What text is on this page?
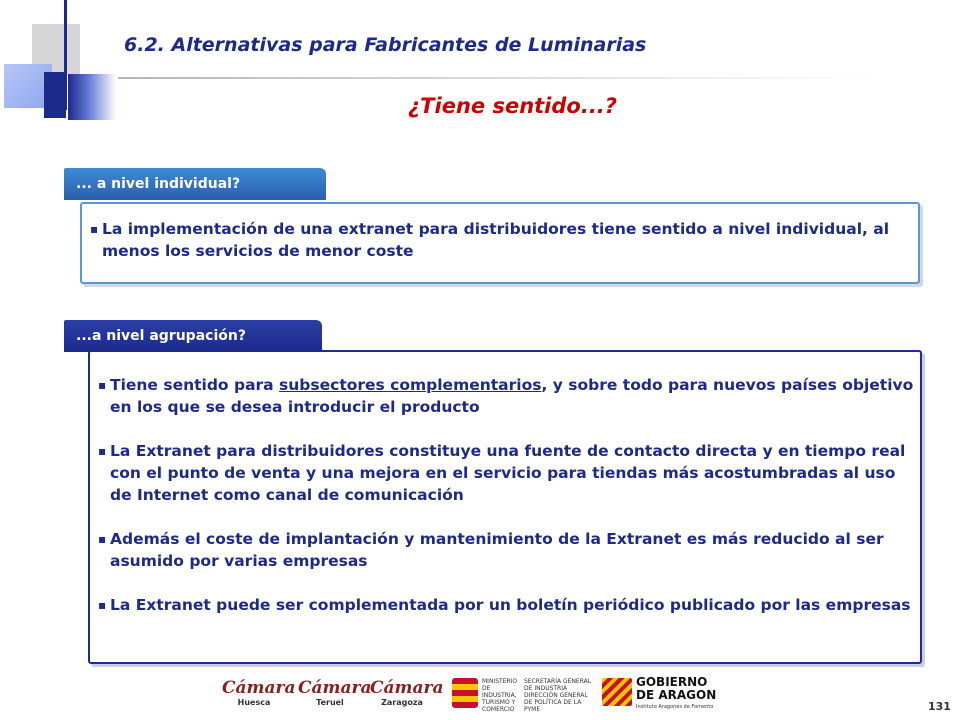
6.2. Alternativas para Fabricantes de Luminarias
¿Tiene sentido...?
... a nivel individual?

▪ La implementación de una extranet para distribuidores tiene sentido a nivel individual, al menos los servicios de menor coste

...a nivel agrupación?

▪ Tiene sentido para subsectores complementarios, y sobre todo para nuevos países objetivo en los que se desea introducir el producto

▪ La Extranet para distribuidores constituye una fuente de contacto directa y en tiempo real con el punto de venta y una mejora en el servicio para tiendas más acostumbradas al uso de Internet como canal de comunicación

▪ Además el coste de implantación y mantenimiento de la Extranet es más reducido al ser asumido por varias empresas

▪ La Extranet puede ser complementada por un boletín periódico publicado por las empresas

Cámara
Huesca
Cámara
Teruel
Cámara
Zaragoza
MINISTERIO DE INDUSTRIA, TURISMO Y COMERCIO
SECRETARÍA GENERAL DE INDUSTRIA DIRECCIÓN GENERAL DE POLÍTICA DE LA PYME
GOBIERNO DE ARAGON
Instituto Aragonés de Fomento	131
